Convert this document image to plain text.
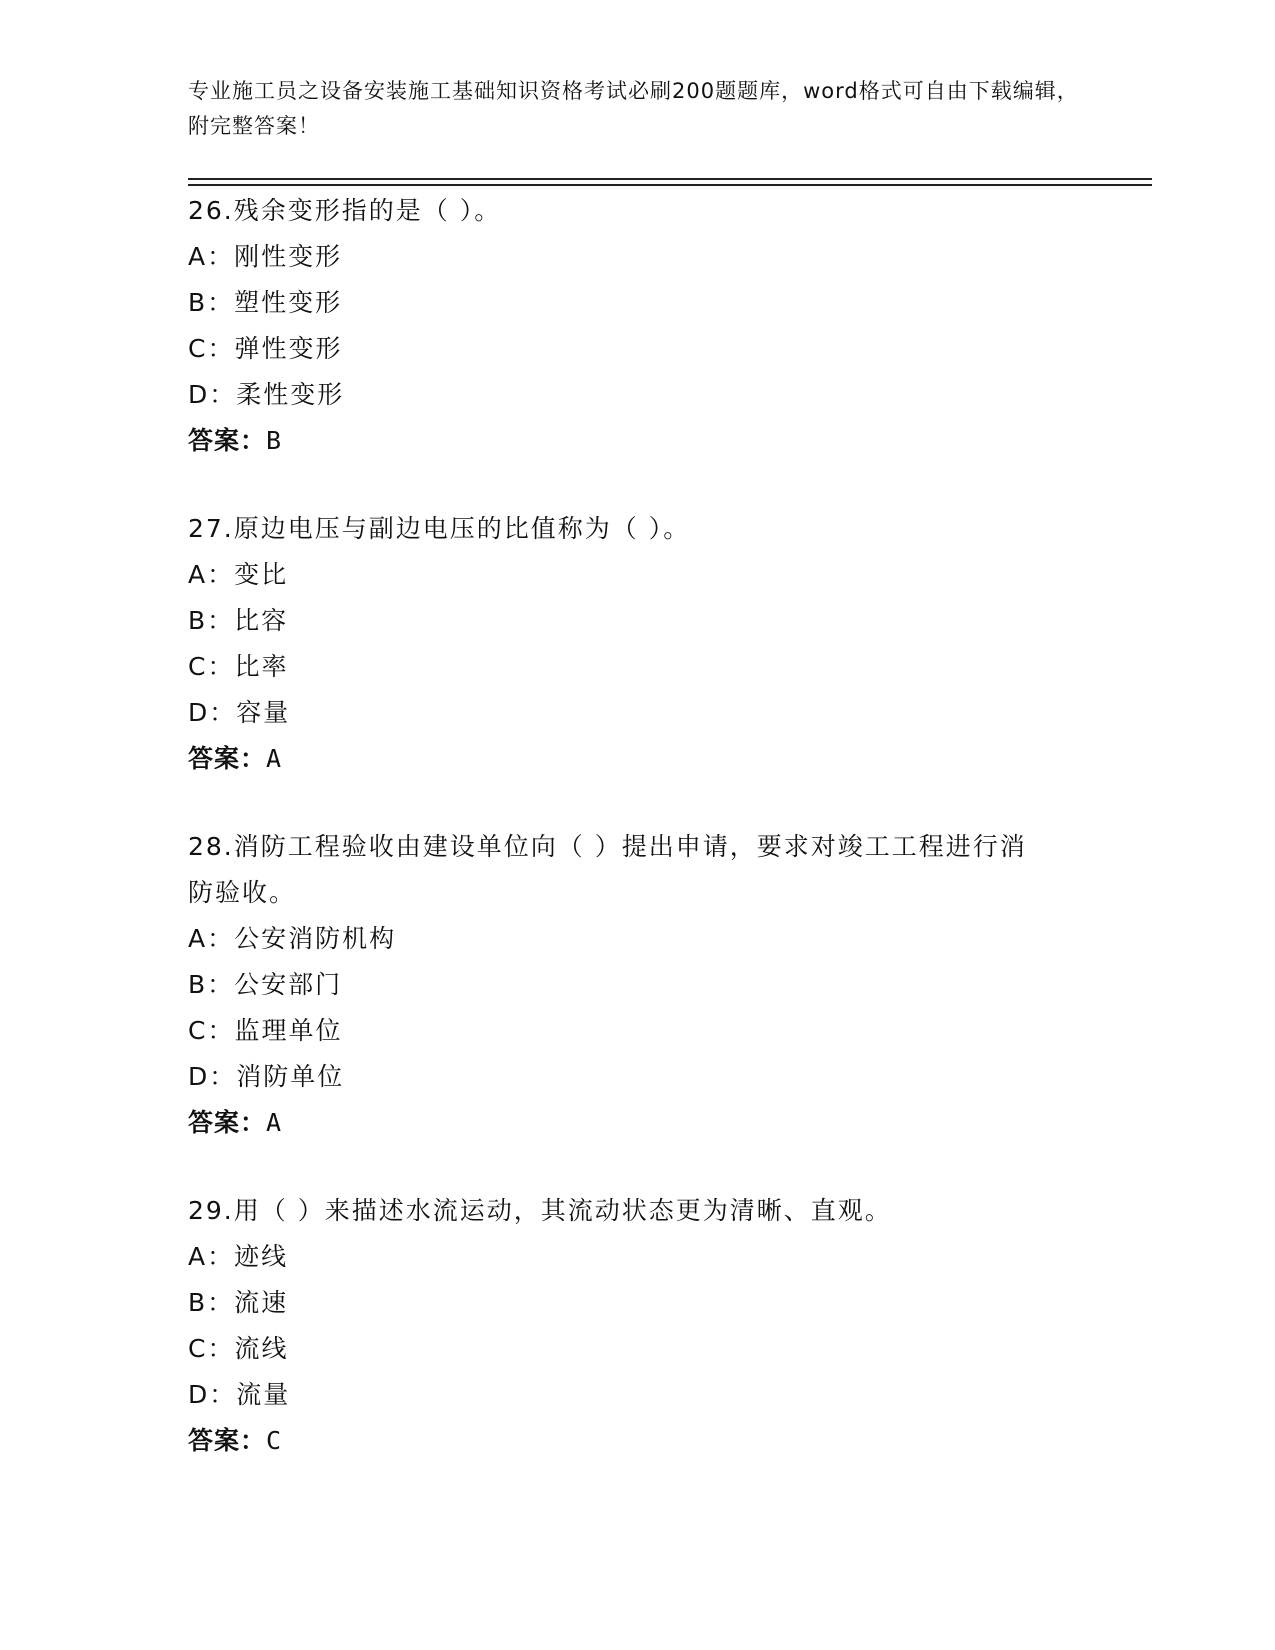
专业施工员之设备安装施工基础知识资格考试必刷200题题库，word格式可自由下载编辑，附完整答案！

26.残余变形指的是（ ）。

A：刚性变形

B：塑性变形

C：弹性变形

D：柔性变形

答案：B

27.原边电压与副边电压的比值称为（ ）。

A：变比

B：比容

C：比率

D：容量

答案：A

28.消防工程验收由建设单位向（ ）提出申请，要求对竣工工程进行消防验收。

A：公安消防机构

B：公安部门

C：监理单位

D：消防单位

答案：A

29.用（ ）来描述水流运动，其流动状态更为清晰、直观。

A：迹线

B：流速

C：流线

D：流量

答案：C
